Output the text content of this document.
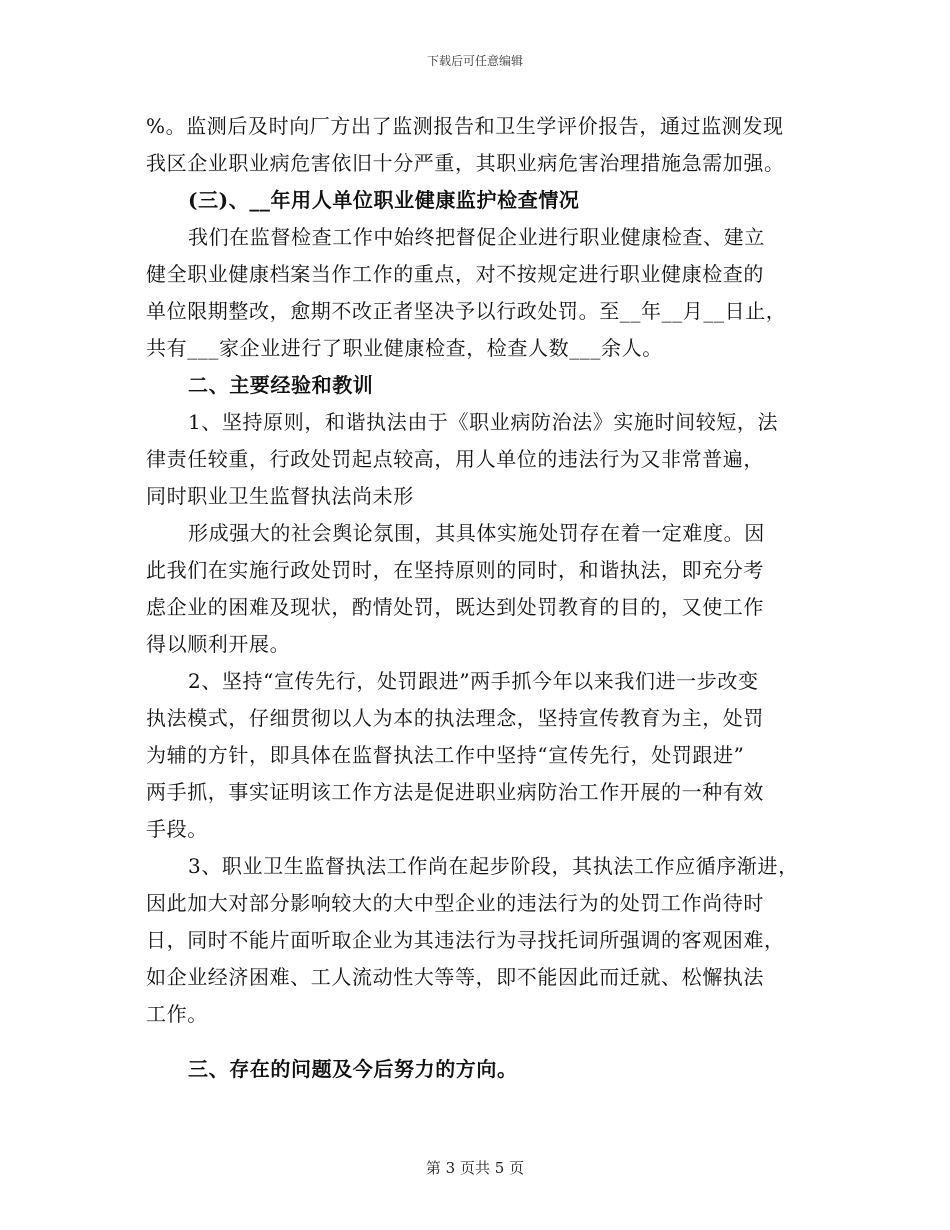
下载后可任意编辑
%。监测后及时向厂方出了监测报告和卫生学评价报告，通过监测发现
我区企业职业病危害依旧十分严重，其职业病危害治理措施急需加强。
(三)、__年用人单位职业健康监护检查情况
我们在监督检查工作中始终把督促企业进行职业健康检查、建立
健全职业健康档案当作工作的重点，对不按规定进行职业健康检查的
单位限期整改，愈期不改正者坚决予以行政处罚。至__年__月__日止，
共有___家企业进行了职业健康检查，检查人数___余人。
二、主要经验和教训
1、坚持原则，和谐执法由于《职业病防治法》实施时间较短，法
律责任较重，行政处罚起点较高，用人单位的违法行为又非常普遍，
同时职业卫生监督执法尚未形
形成强大的社会舆论氛围，其具体实施处罚存在着一定难度。因
此我们在实施行政处罚时，在坚持原则的同时，和谐执法，即充分考
虑企业的困难及现状，酌情处罚，既达到处罚教育的目的，又使工作
得以顺利开展。
2、坚持“宣传先行，处罚跟进”两手抓今年以来我们进一步改变
执法模式，仔细贯彻以人为本的执法理念，坚持宣传教育为主，处罚
为辅的方针，即具体在监督执法工作中坚持“宣传先行，处罚跟进”
两手抓，事实证明该工作方法是促进职业病防治工作开展的一种有效
手段。
3、职业卫生监督执法工作尚在起步阶段，其执法工作应循序渐进，
因此加大对部分影响较大的大中型企业的违法行为的处罚工作尚待时
日，同时不能片面听取企业为其违法行为寻找托词所强调的客观困难，
如企业经济困难、工人流动性大等等，即不能因此而迁就、松懈执法
工作。
三、存在的问题及今后努力的方向。
第 3 页共 5 页
